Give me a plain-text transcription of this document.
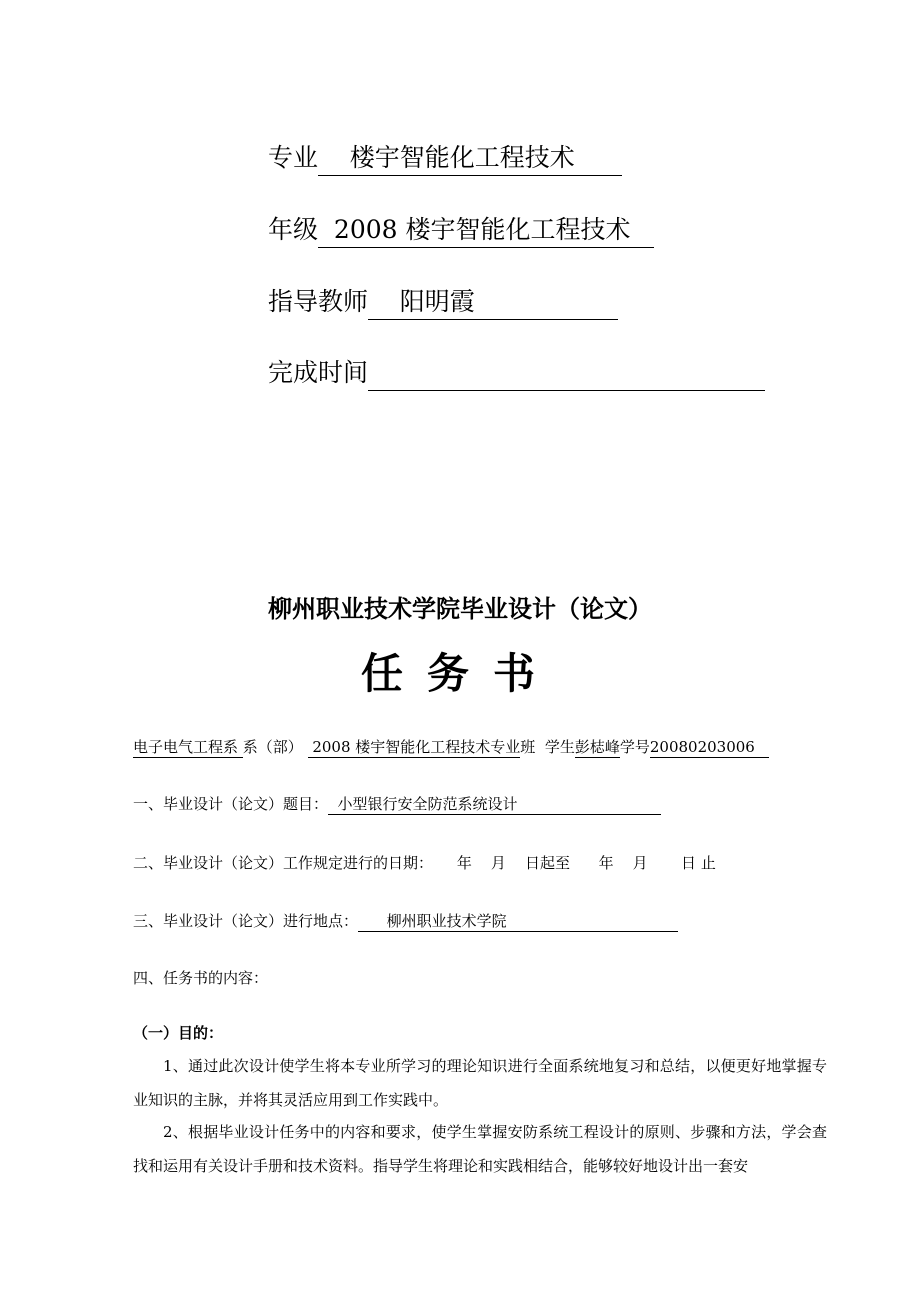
专业    楼宇智能化工程技术
年级  2008 楼宇智能化工程技术
指导教师    阳明霞
完成时间
柳州职业技术学院毕业设计（论文）
任务书
电子电气工程系 系（部）  2008 楼宇智能化工程技术专业班  学生彭梽峰学号20080203006
一、毕业设计（论文）题目：  小型银行安全防范系统设计
二、毕业设计（论文）工作规定进行的日期：     年    月    日起至      年    月       日 止
三、毕业设计（论文）进行地点：      柳州职业技术学院
四、任务书的内容：
（一）目的：
1、通过此次设计使学生将本专业所学习的理论知识进行全面系统地复习和总结，以便更好地掌握专业知识的主脉，并将其灵活应用到工作实践中。
2、根据毕业设计任务中的内容和要求，使学生掌握安防系统工程设计的原则、步骤和方法，学会查找和运用有关设计手册和技术资料。指导学生将理论和实践相结合，能够较好地设计出一套安
